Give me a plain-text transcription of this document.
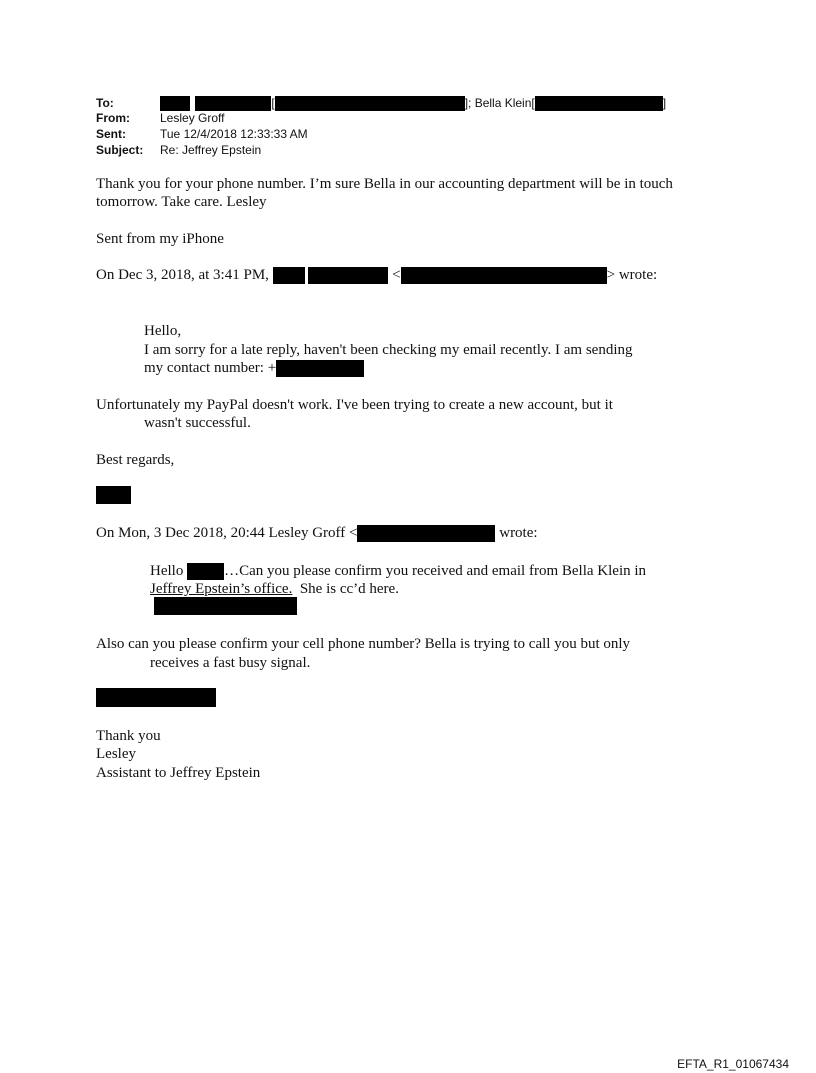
To:	[	]; Bella Klein[	]
From:	Lesley Groff
Sent:	Tue 12/4/2018 12:33:33 AM
Subject: Re: Jeffrey Epstein
Thank you for your phone number. I’m sure Bella in our accounting department will be in touch
tomorrow. Take care. Lesley
Sent from my iPhone
On Dec 3, 2018, at 3:41 PM,	<	> wrote:
Hello,
I am sorry for a late reply, haven't been checking my email recently. I am sending
my contact number: +
Unfortunately my PayPal doesn't work. I've been trying to create a new account, but it
wasn't successful.
Best regards,
On Mon, 3 Dec 2018, 20:44 Lesley Groff <	wrote:
Hello	…Can you please confirm you received and email from Bella Klein in
Jeffrey Epstein’s office.  She is cc’d here.
Also can you please confirm your cell phone number? Bella is trying to call you but only
receives a fast busy signal.
Thank you
Lesley
Assistant to Jeffrey Epstein
EFTA_R1_01067434
